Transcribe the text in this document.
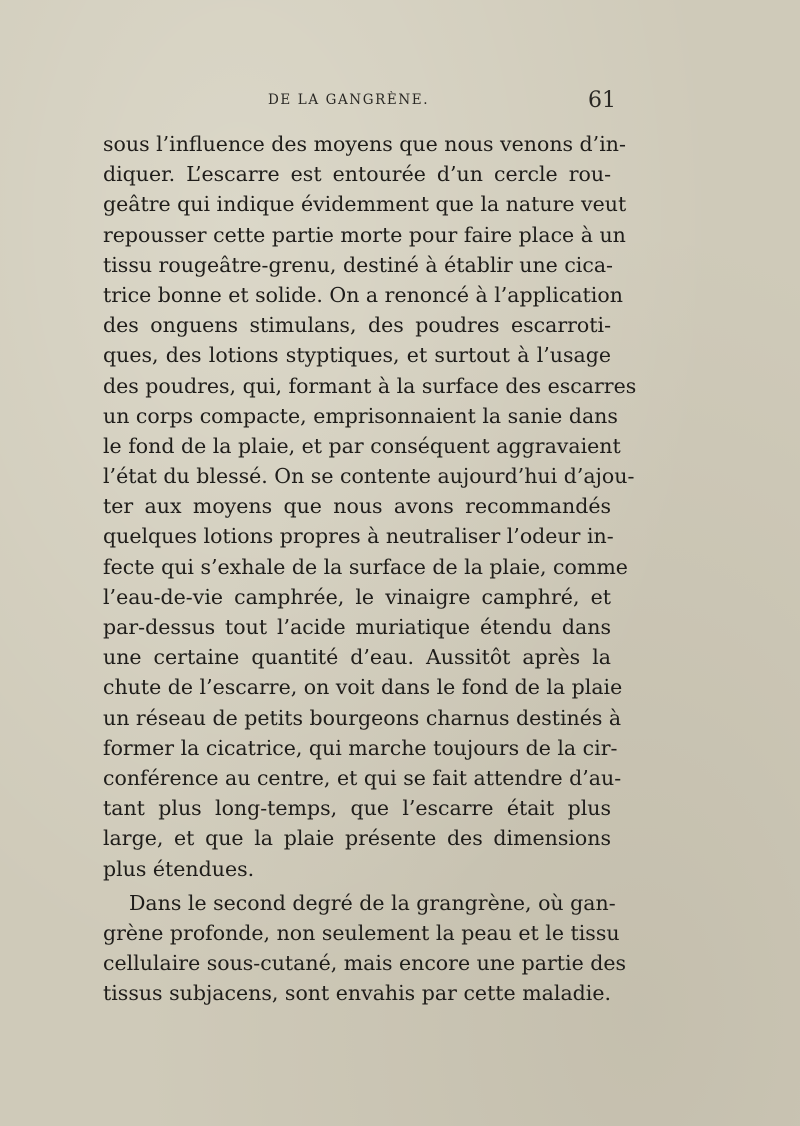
DE LA GANGRÈNE.	61
sous l’influence des moyens que nous venons d’in-
diquer. L’escarre est entourée d’un cercle rou-
geâtre qui indique évidemment que la nature veut
repousser cette partie morte pour faire place à un
tissu rougeâtre-grenu, destiné à établir une cica-
trice bonne et solide. On a renoncé à l’application
des onguens stimulans, des poudres escarroti-
ques, des lotions styptiques, et surtout à l’usage
des poudres, qui, formant à la surface des escarres
un corps compacte, emprisonnaient la sanie dans
le fond de la plaie, et par conséquent aggravaient
l’état du blessé. On se contente aujourd’hui d’ajou-
ter aux moyens que nous avons recommandés
quelques lotions propres à neutraliser l’odeur in-
fecte qui s’exhale de la surface de la plaie, comme
l’eau-de-vie camphrée, le vinaigre camphré, et
par-dessus tout l’acide muriatique étendu dans
une certaine quantité d’eau. Aussitôt après la
chute de l’escarre, on voit dans le fond de la plaie
un réseau de petits bourgeons charnus destinés à
former la cicatrice, qui marche toujours de la cir-
conférence au centre, et qui se fait attendre d’au-
tant plus long-temps, que l’escarre était plus
large, et que la plaie présente des dimensions
plus étendues.
Dans le second degré de la grangrène, où gan-
grène profonde, non seulement la peau et le tissu
cellulaire sous-cutané, mais encore une partie des
tissus subjacens, sont envahis par cette maladie.
